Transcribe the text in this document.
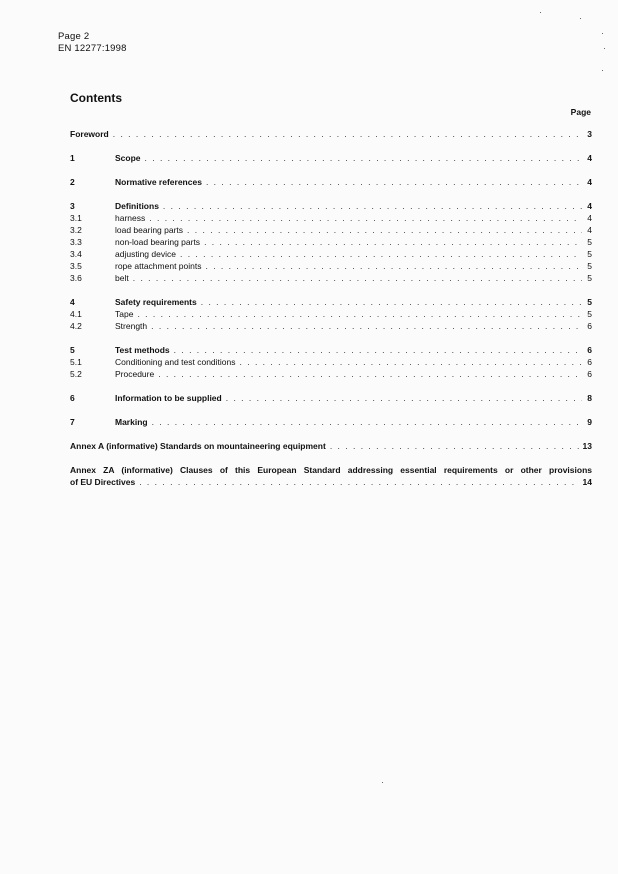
Page 2
EN 12277:1998
Contents
Page
Foreword . . .	3
1	Scope . . .	4
2	Normative references . . .	4
3	Definitions . . .	4
3.1	harness . . .	4
3.2	load bearing parts . . .	4
3.3	non-load bearing parts . . .	5
3.4	adjusting device . . .	5
3.5	rope attachment points . . .	5
3.6	belt . . .	5
4	Safety requirements . . .	5
4.1	Tape . . .	5
4.2	Strength . . .	6
5	Test methods . . .	6
5.1	Conditioning and test conditions . . .	6
5.2	Procedure . . .	6
6	Information to be supplied . . .	8
7	Marking . . .	9
Annex A (informative) Standards on mountaineering equipment . . .	13
Annex ZA (informative) Clauses of this European Standard addressing essential requirements or other provisions
of EU Directives . . .	14
